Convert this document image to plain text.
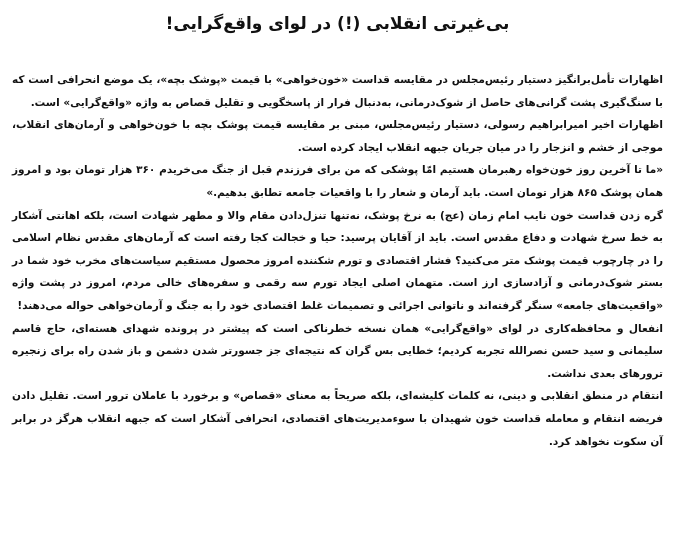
بی‌غیرتی انقلابی (!) در لوای واقع‌گرایی!

اظهارات تأمل‌برانگیز دستیار رئیس‌مجلس در مقایسه قداست «خون‌خواهی» با قیمت «پوشک بچه»، یک موضع انحرافی است که با سنگ‌گیری پشت گرانی‌های حاصل از شوک‌درمانی، به‌دنبال فرار از پاسخگویی و تقلیل قصاص به واژه «واقع‌گرایی» است.

اظهارات اخیر امیرابراهیم رسولی، دستیار رئیس‌مجلس، مبنی بر مقایسه قیمت پوشک بچه با خون‌خواهی و آرمان‌های انقلاب، موجی از خشم و انزجار را در میان جریان جبهه انقلاب ایجاد کرده است.

«ما تا آخرین روز خون‌خواه رهبرمان هستیم امّا پوشکی که من برای فرزندم قبل از جنگ می‌خریدم ۳۶۰ هزار تومان بود و امروز همان پوشک ۸۶۵ هزار تومان است. باید آرمان و شعار را با واقعیات جامعه تطابق بدهیم.»

گره زدن قداست خون نایب امام زمان (عج) به نرخ پوشک، نه‌تنها تنزل‌دادن مقام والا و مطهر شهادت است، بلکه اهانتی آشکار به خط سرخ شهادت و دفاع مقدس است. باید از آقایان پرسید: حیا و خجالت کجا رفته است که آرمان‌های مقدس نظام اسلامی را در چارچوب قیمت پوشک متر می‌کنید؟ فشار اقتصادی و تورم شکننده امروز محصول مستقیم سیاست‌های مخرب خود شما در بستر شوک‌درمانی و آزادسازی ارز است. متهمان اصلی ایجاد تورم سه رقمی و سفره‌های خالی مردم، امروز در پشت واژه «واقعیت‌های جامعه» سنگر گرفته‌اند و ناتوانی اجرائی و تصمیمات غلط اقتصادی خود را به جنگ و آرمان‌خواهی حواله می‌دهند!

انفعال و محافظه‌کاری در لوای «واقع‌گرایی» همان نسخه خطرناکی است که پیشتر در پرونده شهدای هسته‌ای، حاج قاسم سلیمانی و سید حسن نصرالله تجربه کردیم؛ خطایی بس گران که نتیجه‌ای جز جسورتر شدن دشمن و باز شدن راه برای زنجیره ترورهای بعدی نداشت.

انتقام در منطق انقلابی و دینی، نه کلمات کلیشه‌ای، بلکه صریحاً به معنای «قصاص» و برخورد با عاملان ترور است. تقلیل دادن فریضه انتقام و معامله قداست خون شهیدان با سوءمدیریت‌های اقتصادی، انحرافی آشکار است که جبهه انقلاب هرگز در برابر آن سکوت نخواهد کرد.
